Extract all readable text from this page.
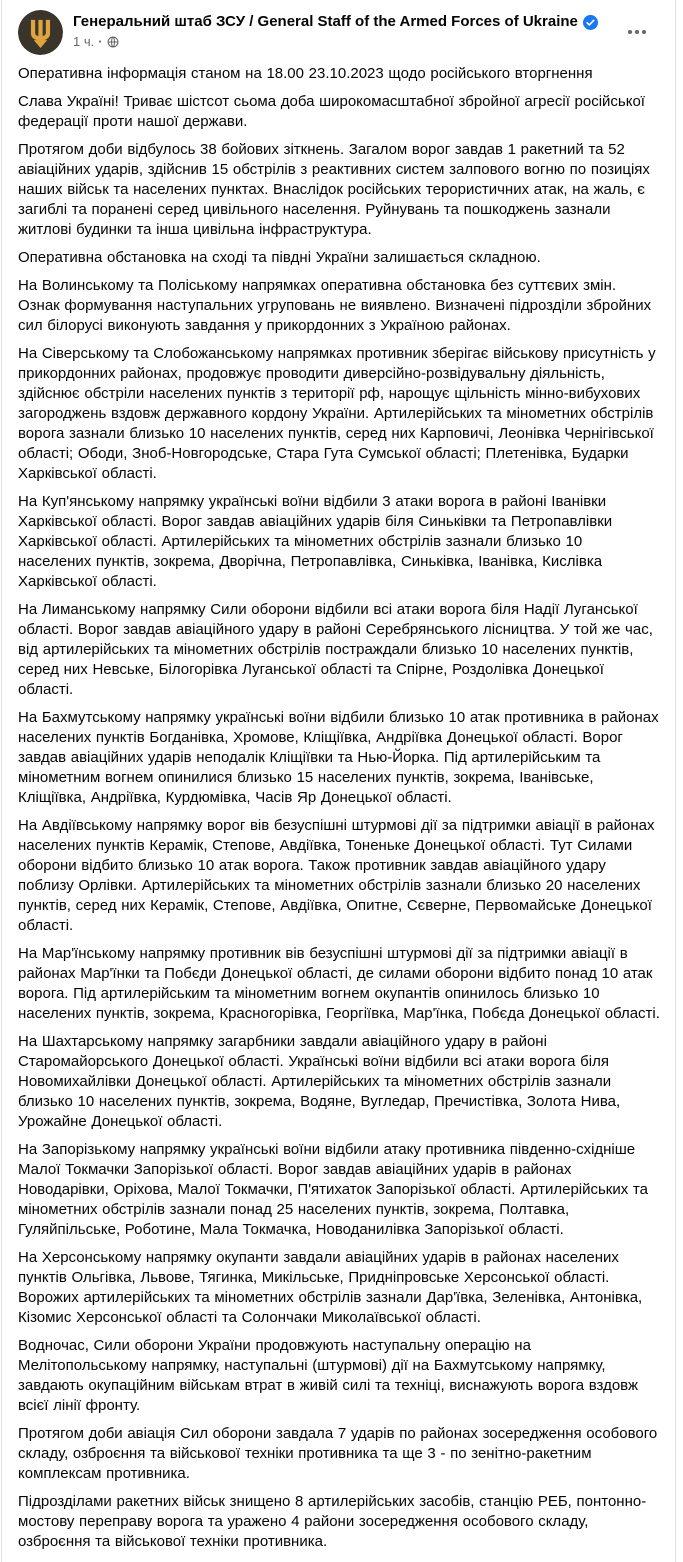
Генеральний штаб ЗСУ / General Staff of the Armed Forces of Ukraine
1 ч. ·

Оперативна інформація станом на 18.00 23.10.2023 щодо російського вторгнення

Слава Україні! Триває шістсот сьома доба широкомасштабної збройної агресії російської федерації проти нашої держави.

Протягом доби відбулось 38 бойових зіткнень. Загалом ворог завдав 1 ракетний та 52 авіаційних ударів, здійснив 15 обстрілів з реактивних систем залпового вогню по позиціях наших військ та населених пунктах. Внаслідок російських терористичних атак, на жаль, є загиблі та поранені серед цивільного населення. Руйнувань та пошкоджень зазнали житлові будинки та інша цивільна інфраструктура.

Оперативна обстановка на сході та півдні України залишається складною.

На Волинському та Поліському напрямках оперативна обстановка без суттєвих змін. Ознак формування наступальних угруповань не виявлено. Визначені підрозділи збройних сил білорусі виконують завдання у прикордонних з Україною районах.

На Сіверському та Слобожанському напрямках противник зберігає військову присутність у прикордонних районах, продовжує проводити диверсійно-розвідувальну діяльність, здійснює обстріли населених пунктів з території рф, нарощує щільність мінно-вибухових загороджень вздовж державного кордону України. Артилерійських та мінометних обстрілів ворога зазнали близько 10 населених пунктів, серед них Карповичі, Леонівка Чернігівської області; Ободи, Зноб-Новгородське, Стара Гута Сумської області; Плетенівка, Бударки Харківської області.

На Куп'янському напрямку українські воїни відбили 3 атаки ворога в районі Іванівки Харківської області. Ворог завдав авіаційних ударів біля Синьківки та Петропавлівки Харківської області. Артилерійських та мінометних обстрілів зазнали близько 10 населених пунктів, зокрема, Дворічна, Петропавлівка, Синьківка, Іванівка, Кислівка Харківської області.

На Лиманському напрямку Сили оборони відбили всі атаки ворога біля Надії Луганської області. Ворог завдав авіаційного удару в районі Серебрянського лісництва. У той же час, від артилерійських та мінометних обстрілів постраждали близько 10 населених пунктів, серед них Невське, Білогорівка Луганської області та Спірне, Роздолівка Донецької області.

На Бахмутському напрямку українські воїни відбили близько 10 атак противника в районах населених пунктів Богданівка, Хромове, Кліщіївка, Андріївка Донецької області. Ворог завдав авіаційних ударів неподалік Кліщіївки та Нью-Йорка. Під артилерійським та мінометним вогнем опинилися близько 15 населених пунктів, зокрема, Іванівське, Кліщіївка, Андріївка, Курдюмівка, Часів Яр Донецької області.

На Авдіївському напрямку ворог вів безуспішні штурмові дії за підтримки авіації в районах населених пунктів Керамік, Степове, Авдіївка, Тоненьке Донецької області. Тут Силами оборони відбито близько 10 атак ворога. Також противник завдав авіаційного удару поблизу Орлівки. Артилерійських та мінометних обстрілів зазнали близько 20 населених пунктів, серед них Керамік, Степове, Авдіївка, Опитне, Сєверне, Первомайське Донецької області.

На Мар'їнському напрямку противник вів безуспішні штурмові дії за підтримки авіації в районах Мар'їнки та Побєди Донецької області, де силами оборони відбито понад 10 атак ворога. Під артилерійським та мінометним вогнем окупантів опинилось близько 10 населених пунктів, зокрема, Красногорівка, Георгіївка, Мар'їнка, Побєда Донецької області.

На Шахтарському напрямку загарбники завдали авіаційного удару в районі Старомайорського Донецької області. Українські воїни відбили всі атаки ворога біля Новомихайлівки Донецької області. Артилерійських та мінометних обстрілів зазнали близько 10 населених пунктів, зокрема, Водяне, Вугледар, Пречистівка, Золота Нива, Урожайне Донецької області.

На Запорізькому напрямку українські воїни відбили атаку противника південно-східніше Малої Токмачки Запорізької області. Ворог завдав авіаційних ударів в районах Новодарівки, Оріхова, Малої Токмачки, П'ятихаток Запорізької області. Артилерійських та мінометних обстрілів зазнали понад 25 населених пунктів, зокрема, Полтавка, Гуляйпільське, Роботине, Мала Токмачка, Новоданилівка Запорізької області.

На Херсонському напрямку окупанти завдали авіаційних ударів в районах населених пунктів Ольгівка, Львове, Тягинка, Микільське, Придніпровське Херсонської області. Ворожих артилерійських та мінометних обстрілів зазнали Дар'ївка, Зеленівка, Антонівка, Кізомис Херсонської області та Солончаки Миколаївської області.

Водночас, Сили оборони України продовжують наступальну операцію на Мелітопольському напрямку, наступальні (штурмові) дії на Бахмутському напрямку, завдають окупаційним військам втрат в живій силі та техніці, виснажують ворога вздовж всієї лінії фронту.

Протягом доби авіація Сил оборони завдала 7 ударів по районах зосередження особового складу, озброєння та військової техніки противника та ще 3 - по зенітно-ракетним комплексам противника.

Підрозділами ракетних військ знищено 8 артилерійських засобів, станцію РЕБ, понтонно-мостову переправу ворога та уражено 4 райони зосередження особового складу, озброєння та військової техніки противника.
